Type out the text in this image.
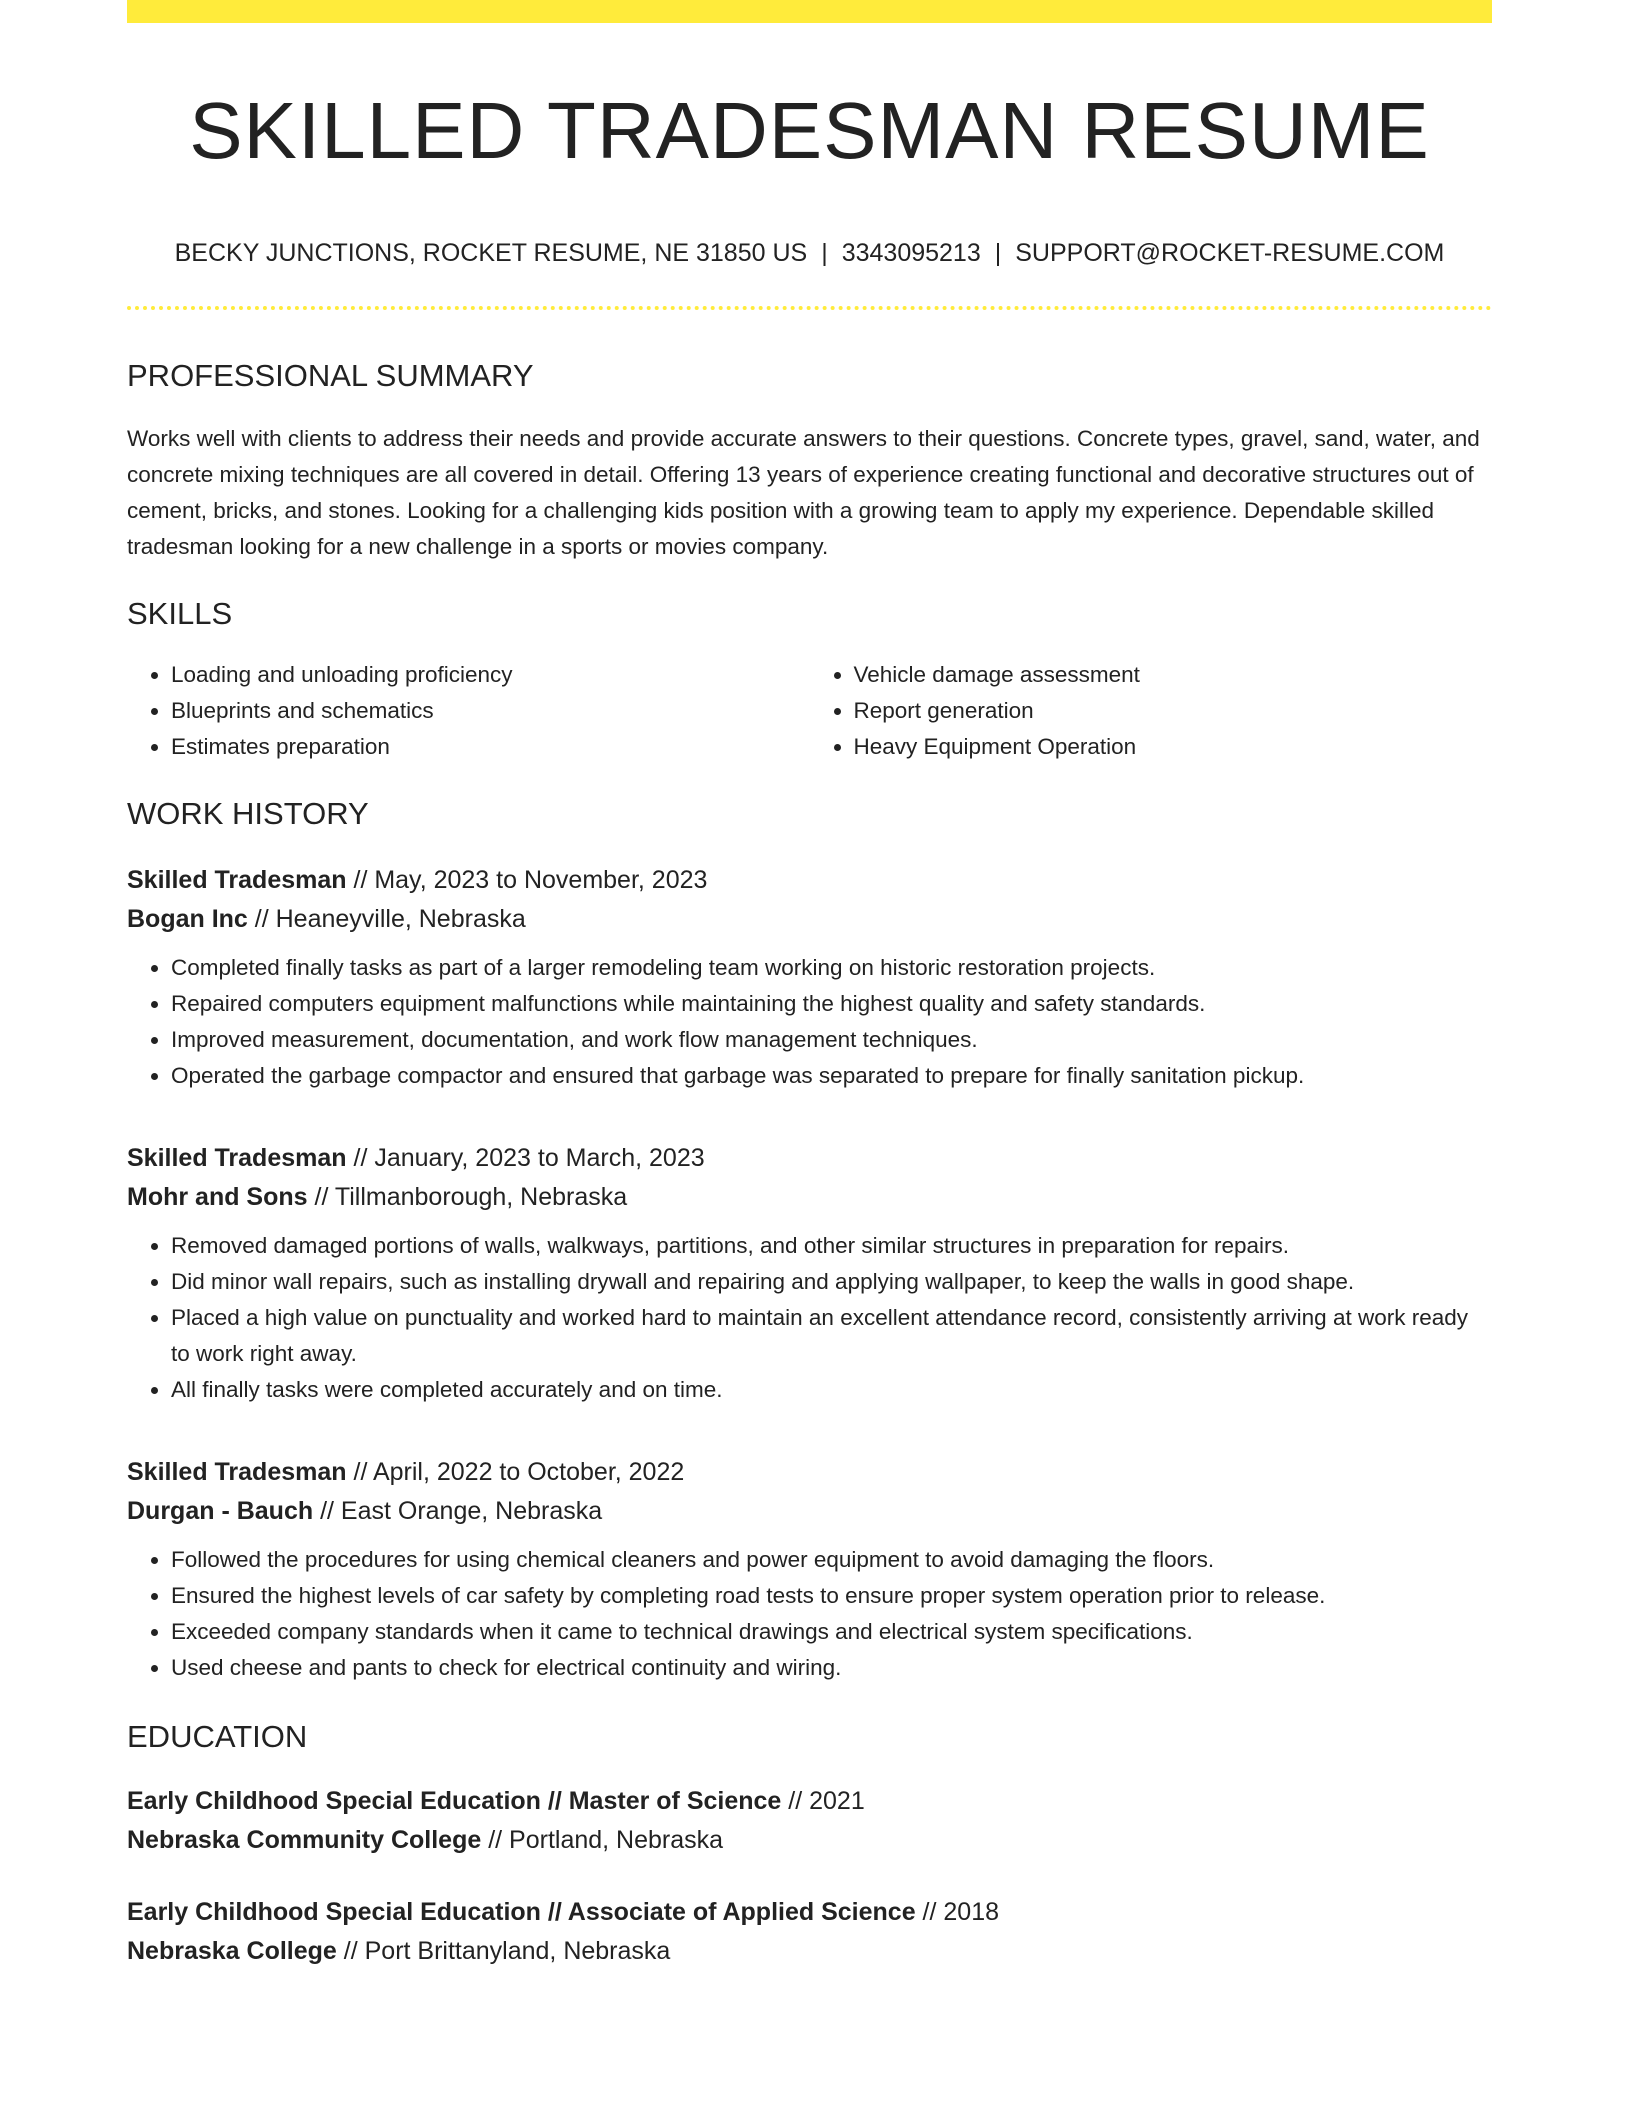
SKILLED TRADESMAN RESUME
BECKY JUNCTIONS, ROCKET RESUME, NE 31850 US | 3343095213 | SUPPORT@ROCKET-RESUME.COM
PROFESSIONAL SUMMARY
Works well with clients to address their needs and provide accurate answers to their questions. Concrete types, gravel, sand, water, and concrete mixing techniques are all covered in detail. Offering 13 years of experience creating functional and decorative structures out of cement, bricks, and stones. Looking for a challenging kids position with a growing team to apply my experience. Dependable skilled tradesman looking for a new challenge in a sports or movies company.
SKILLS
• Loading and unloading proficiency
• Blueprints and schematics
• Estimates preparation
• Vehicle damage assessment
• Report generation
• Heavy Equipment Operation
WORK HISTORY
Skilled Tradesman // May, 2023 to November, 2023
Bogan Inc // Heaneyville, Nebraska
• Completed finally tasks as part of a larger remodeling team working on historic restoration projects.
• Repaired computers equipment malfunctions while maintaining the highest quality and safety standards.
• Improved measurement, documentation, and work flow management techniques.
• Operated the garbage compactor and ensured that garbage was separated to prepare for finally sanitation pickup.
Skilled Tradesman // January, 2023 to March, 2023
Mohr and Sons // Tillmanborough, Nebraska
• Removed damaged portions of walls, walkways, partitions, and other similar structures in preparation for repairs.
• Did minor wall repairs, such as installing drywall and repairing and applying wallpaper, to keep the walls in good shape.
• Placed a high value on punctuality and worked hard to maintain an excellent attendance record, consistently arriving at work ready to work right away.
• All finally tasks were completed accurately and on time.
Skilled Tradesman // April, 2022 to October, 2022
Durgan - Bauch // East Orange, Nebraska
• Followed the procedures for using chemical cleaners and power equipment to avoid damaging the floors.
• Ensured the highest levels of car safety by completing road tests to ensure proper system operation prior to release.
• Exceeded company standards when it came to technical drawings and electrical system specifications.
• Used cheese and pants to check for electrical continuity and wiring.
EDUCATION
Early Childhood Special Education // Master of Science // 2021
Nebraska Community College // Portland, Nebraska
Early Childhood Special Education // Associate of Applied Science // 2018
Nebraska College // Port Brittanyland, Nebraska
